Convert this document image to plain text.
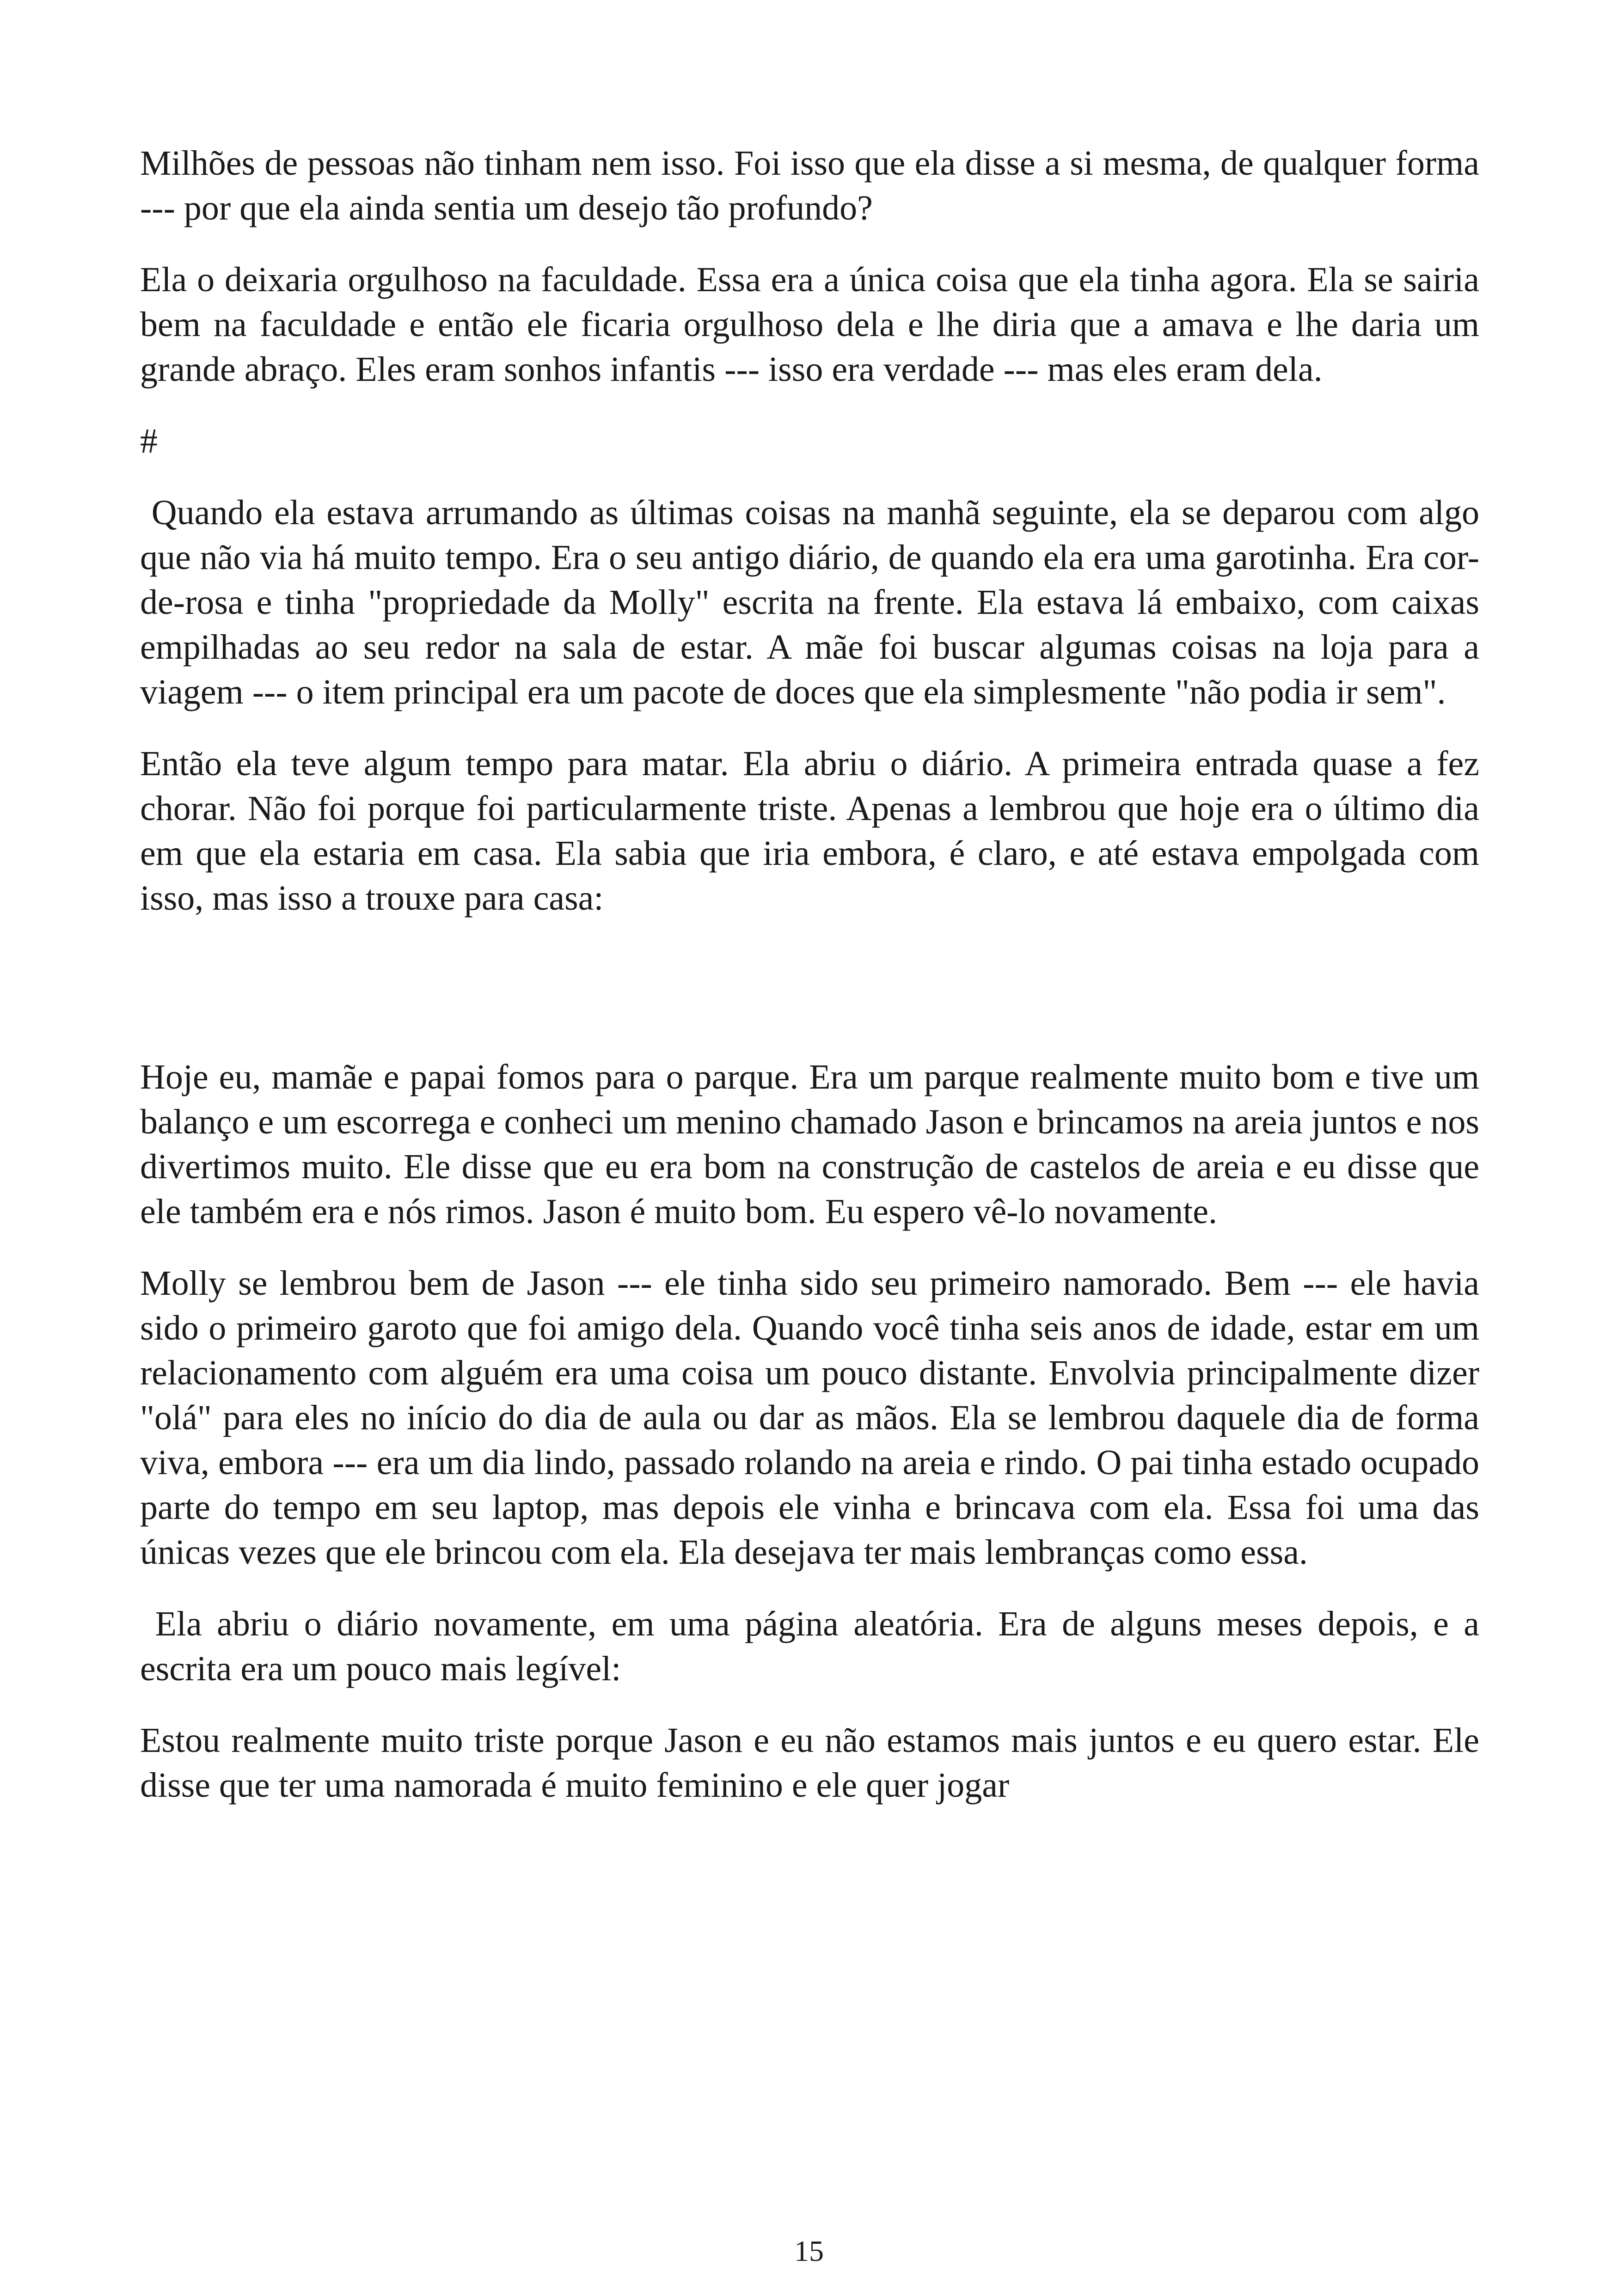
Milhões de pessoas não tinham nem isso. Foi isso que ela disse a si mesma, de qualquer forma --- por que ela ainda sentia um desejo tão profundo?

Ela o deixaria orgulhoso na faculdade. Essa era a única coisa que ela tinha agora. Ela se sairia bem na faculdade e então ele ficaria orgulhoso dela e lhe diria que a amava e lhe daria um grande abraço. Eles eram sonhos infantis --- isso era verdade --- mas eles eram dela.

#

Quando ela estava arrumando as últimas coisas na manhã seguinte, ela se deparou com algo que não via há muito tempo. Era o seu antigo diário, de quando ela era uma garotinha. Era cor-de-rosa e tinha "propriedade da Molly" escrita na frente. Ela estava lá embaixo, com caixas empilhadas ao seu redor na sala de estar. A mãe foi buscar algumas coisas na loja para a viagem --- o item principal era um pacote de doces que ela simplesmente "não podia ir sem".

Então ela teve algum tempo para matar. Ela abriu o diário. A primeira entrada quase a fez chorar. Não foi porque foi particularmente triste. Apenas a lembrou que hoje era o último dia em que ela estaria em casa. Ela sabia que iria embora, é claro, e até estava empolgada com isso, mas isso a trouxe para casa:

Hoje eu, mamãe e papai fomos para o parque. Era um parque realmente muito bom e tive um balanço e um escorrega e conheci um menino chamado Jason e brincamos na areia juntos e nos divertimos muito. Ele disse que eu era bom na construção de castelos de areia e eu disse que ele também era e nós rimos. Jason é muito bom. Eu espero vê-lo novamente.

Molly se lembrou bem de Jason --- ele tinha sido seu primeiro namorado. Bem --- ele havia sido o primeiro garoto que foi amigo dela. Quando você tinha seis anos de idade, estar em um relacionamento com alguém era uma coisa um pouco distante. Envolvia principalmente dizer "olá" para eles no início do dia de aula ou dar as mãos. Ela se lembrou daquele dia de forma viva, embora --- era um dia lindo, passado rolando na areia e rindo. O pai tinha estado ocupado parte do tempo em seu laptop, mas depois ele vinha e brincava com ela. Essa foi uma das únicas vezes que ele brincou com ela. Ela desejava ter mais lembranças como essa.

Ela abriu o diário novamente, em uma página aleatória. Era de alguns meses depois, e a escrita era um pouco mais legível:

Estou realmente muito triste porque Jason e eu não estamos mais juntos e eu quero estar. Ele disse que ter uma namorada é muito feminino e ele quer jogar

15
